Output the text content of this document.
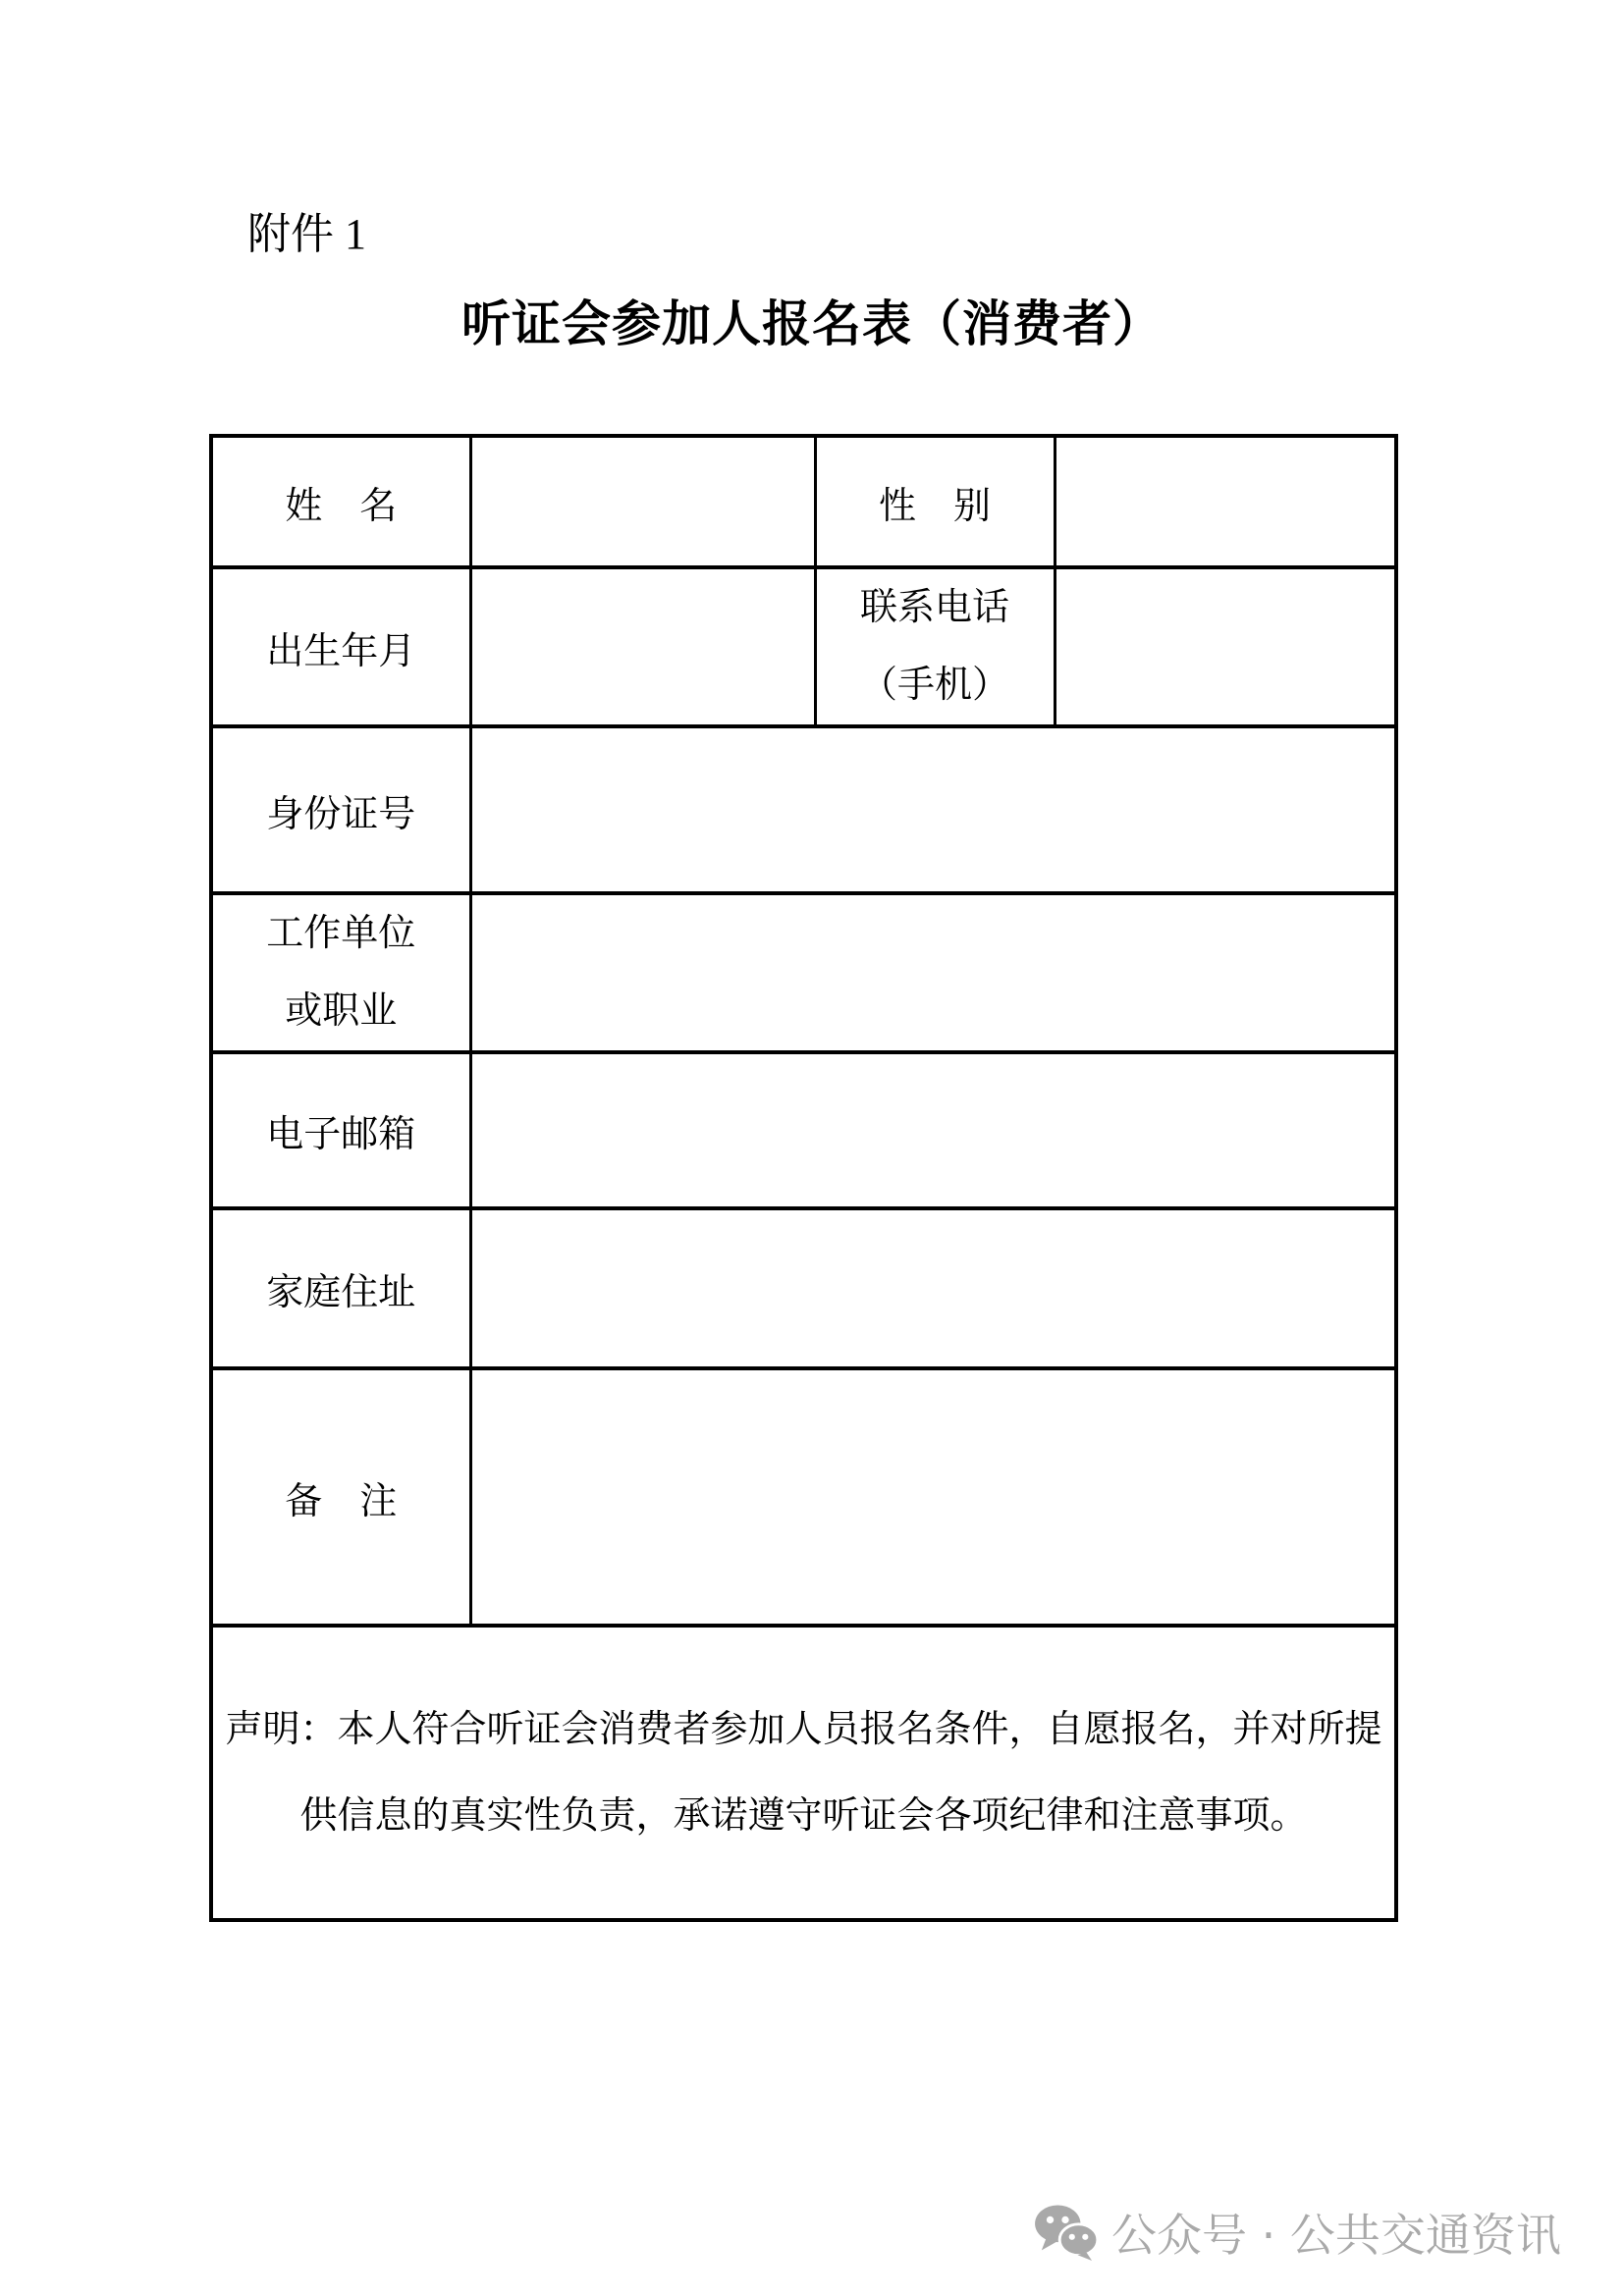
附件 1
听证会参加人报名表（消费者）
姓　名		性　别	
出生年月		联系电话
（手机）	

身份证号			

工作单位
或职业			

电子邮箱			
家庭住址			
备　注			
声明：本人符合听证会消费者参加人员报名条件，自愿报名，并对所提供信息的真实性负责，承诺遵守听证会各项纪律和注意事项。			
公众号 · 公共交通资讯
